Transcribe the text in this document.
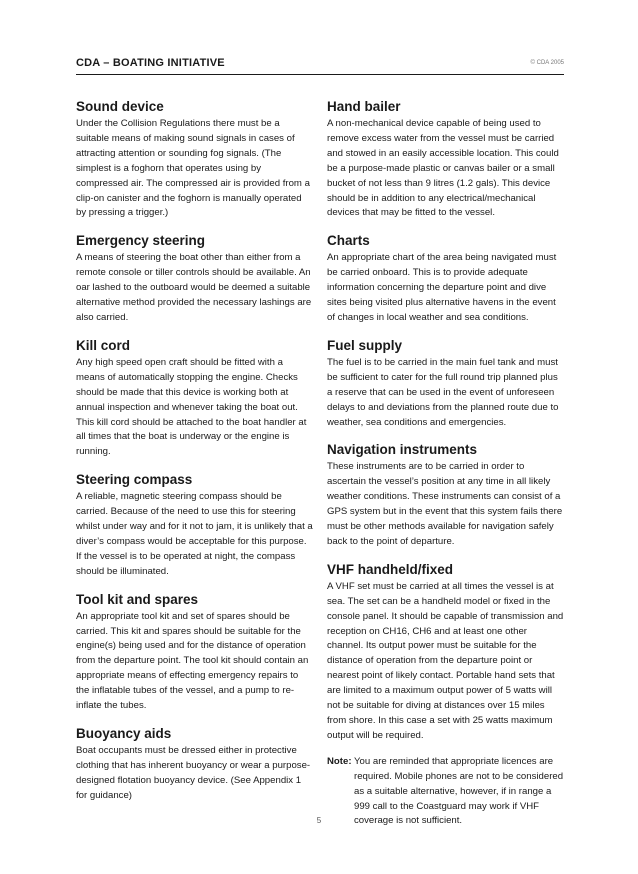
CDA – BOATING INITIATIVE	© CDA 2005
Sound device

Under the Collision Regulations there must be a suitable means of making sound signals in cases of attracting attention or sounding fog signals. (The simplest is a foghorn that operates using by compressed air. The compressed air is provided from a clip-on canister and the foghorn is manually operated by pressing a trigger.)

Emergency steering

A means of steering the boat other than either from a remote console or tiller controls should be available. An oar lashed to the outboard would be deemed a suitable alternative method provided the necessary lashings are also carried.

Kill cord

Any high speed open craft should be fitted with a means of automatically stopping the engine. Checks should be made that this device is working both at annual inspection and whenever taking the boat out. This kill cord should be attached to the boat handler at all times that the boat is underway or the engine is running.

Steering compass

A reliable, magnetic steering compass should be carried. Because of the need to use this for steering whilst under way and for it not to jam, it is unlikely that a diver’s compass would be acceptable for this purpose. If the vessel is to be operated at night, the compass should be illuminated.

Tool kit and spares

An appropriate tool kit and set of spares should be carried. This kit and spares should be suitable for the engine(s) being used and for the distance of operation from the departure point. The tool kit should contain an appropriate means of effecting emergency repairs to the inflatable tubes of the vessel, and a pump to re-inflate the tubes.

Buoyancy aids

Boat occupants must be dressed either in protective clothing that has inherent buoyancy or wear a purpose-designed flotation buoyancy device. (See Appendix 1 for guidance)

Hand bailer

A non-mechanical device capable of being used to remove excess water from the vessel must be carried and stowed in an easily accessible location. This could be a purpose-made plastic or canvas bailer or a small bucket of not less than 9 litres (1.2 gals). This device should be in addition to any electrical/mechanical devices that may be fitted to the vessel.

Charts

An appropriate chart of the area being navigated must be carried onboard. This is to provide adequate information concerning the departure point and dive sites being visited plus alternative havens in the event of changes in local weather and sea conditions.

Fuel supply

The fuel is to be carried in the main fuel tank and must be sufficient to cater for the full round trip planned plus a reserve that can be used in the event of unforeseen delays to and deviations from the planned route due to weather, sea conditions and emergencies.

Navigation instruments

These instruments are to be carried in order to ascertain the vessel’s position at any time in all likely weather conditions. These instruments can consist of a GPS system but in the event that this system fails there must be other methods available for navigation safely back to the point of departure.

VHF handheld/fixed

A VHF set must be carried at all times the vessel is at sea. The set can be a handheld model or fixed in the console panel. It should be capable of transmission and reception on CH16, CH6 and at least one other channel. Its output power must be suitable for the distance of operation from the departure point or nearest point of likely contact. Portable hand sets that are limited to a maximum output power of 5 watts will not be suitable for diving at distances over 15 miles from shore. In this case a set with 25 watts maximum output will be required.

Note: You are reminded that appropriate licences are required. Mobile phones are not to be considered as a suitable alternative, however, if in range a 999 call to the Coastguard may work if VHF coverage is not sufficient.
5
